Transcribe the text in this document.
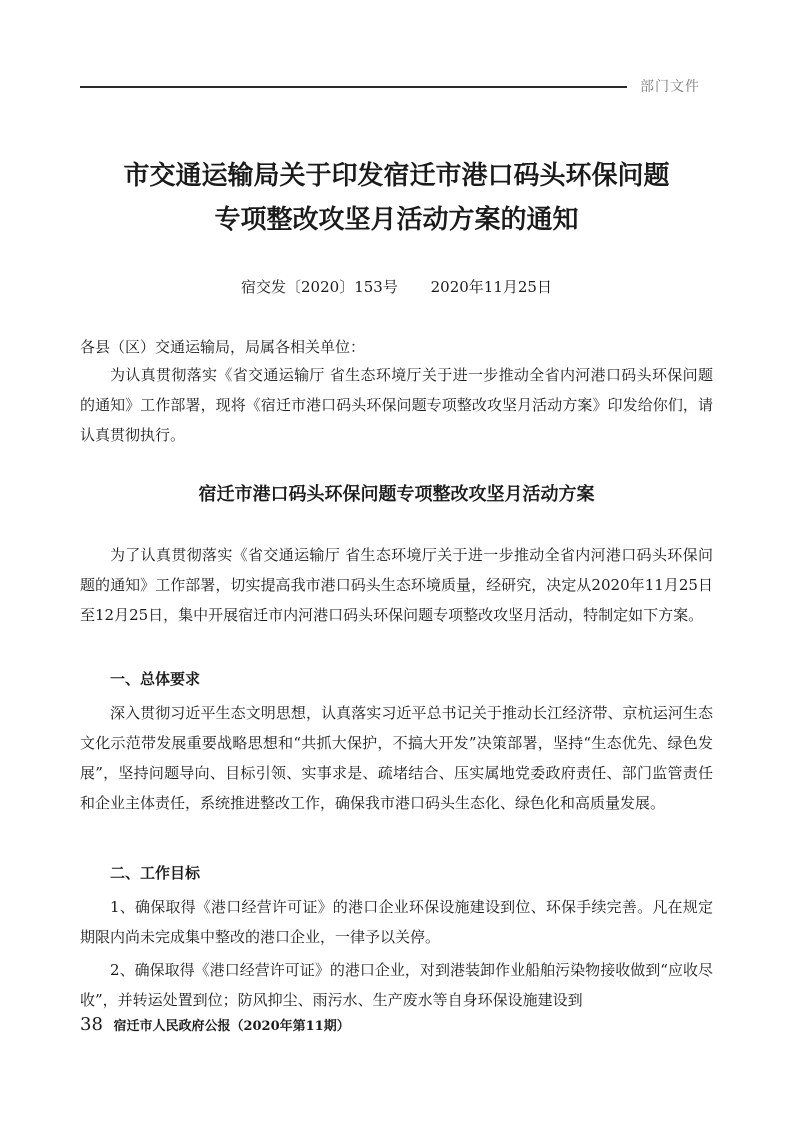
部门文件
市交通运输局关于印发宿迁市港口码头环保问题
专项整改攻坚月活动方案的通知
宿交发〔2020〕153号 2020年11月25日
各县（区）交通运输局，局属各相关单位：
为认真贯彻落实《省交通运输厅 省生态环境厅关于进一步推动全省内河港口码头环保问题的通知》工作部署，现将《宿迁市港口码头环保问题专项整改攻坚月活动方案》印发给你们，请认真贯彻执行。
宿迁市港口码头环保问题专项整改攻坚月活动方案
为了认真贯彻落实《省交通运输厅 省生态环境厅关于进一步推动全省内河港口码头环保问题的通知》工作部署，切实提高我市港口码头生态环境质量，经研究，决定从2020年11月25日至12月25日，集中开展宿迁市内河港口码头环保问题专项整改攻坚月活动，特制定如下方案。
一、总体要求
深入贯彻习近平生态文明思想，认真落实习近平总书记关于推动长江经济带、京杭运河生态文化示范带发展重要战略思想和“共抓大保护，不搞大开发”决策部署，坚持“生态优先、绿色发展”，坚持问题导向、目标引领、实事求是、疏堵结合、压实属地党委政府责任、部门监管责任和企业主体责任，系统推进整改工作，确保我市港口码头生态化、绿色化和高质量发展。
二、工作目标
1、确保取得《港口经营许可证》的港口企业环保设施建设到位、环保手续完善。凡在规定期限内尚未完成集中整改的港口企业，一律予以关停。
2、确保取得《港口经营许可证》的港口企业，对到港装卸作业船舶污染物接收做到“应收尽收”，并转运处置到位；防风抑尘、雨污水、生产废水等自身环保设施建设到
38 宿迁市人民政府公报（2020年第11期）
